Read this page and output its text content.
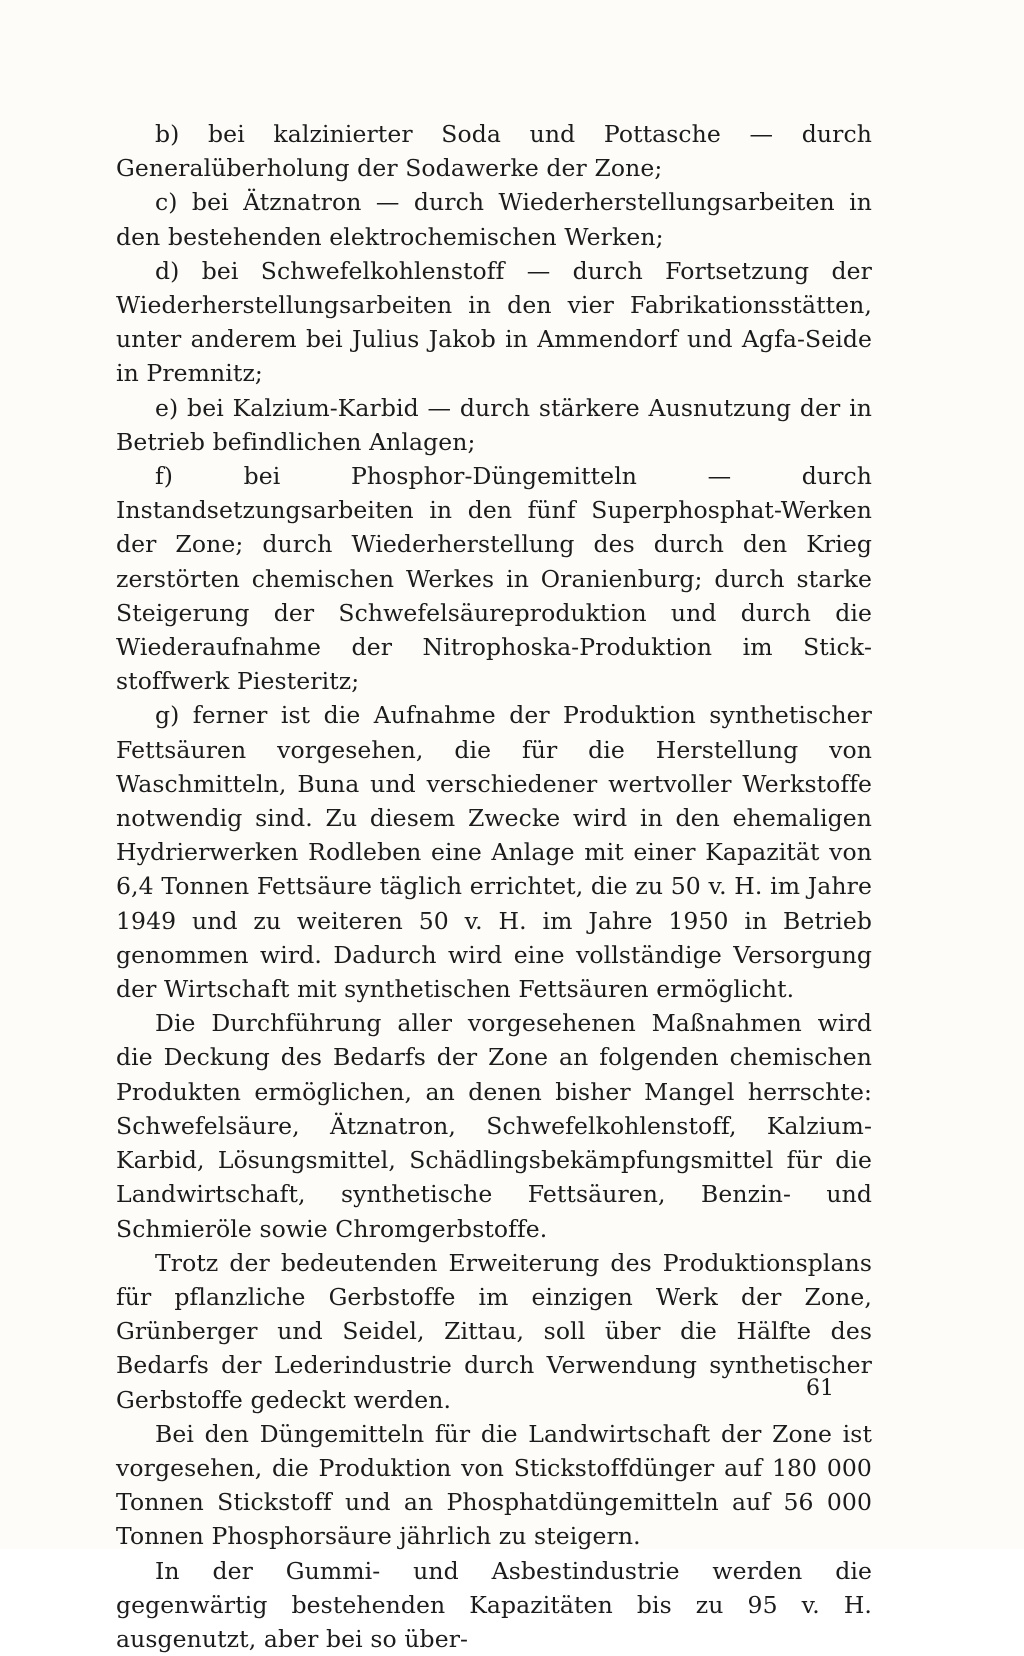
b) bei kalzinierter Soda und Pottasche — durch Generalüberholung der Sodawerke der Zone;

c) bei Ätznatron — durch Wiederherstellungsarbeiten in den bestehenden elektrochemischen Werken;

d) bei Schwefelkohlenstoff — durch Fortsetzung der Wiederherstellungsarbeiten in den vier Fabrikationsstätten, unter anderem bei Julius Jakob in Ammendorf und Agfa-Seide in Premnitz;

e) bei Kalzium-Karbid — durch stärkere Ausnutzung der in Betrieb befindlichen Anlagen;

f) bei Phosphor-Düngemitteln — durch Instandsetzungsarbeiten in den fünf Superphosphat-Werken der Zone; durch Wiederherstellung des durch den Krieg zerstörten chemischen Werkes in Oranienburg; durch starke Steigerung der Schwefelsäureproduktion und durch die Wiederaufnahme der Nitrophoska-Produktion im Stickstoffwerk Piesteritz;

g) ferner ist die Aufnahme der Produktion synthetischer Fettsäuren vorgesehen, die für die Herstellung von Waschmitteln, Buna und verschiedener wertvoller Werkstoffe notwendig sind. Zu diesem Zwecke wird in den ehemaligen Hydrierwerken Rodleben eine Anlage mit einer Kapazität von 6,4 Tonnen Fettsäure täglich errichtet, die zu 50 v. H. im Jahre 1949 und zu weiteren 50 v. H. im Jahre 1950 in Betrieb genommen wird. Dadurch wird eine vollständige Versorgung der Wirtschaft mit synthetischen Fettsäuren ermöglicht.

Die Durchführung aller vorgesehenen Maßnahmen wird die Deckung des Bedarfs der Zone an folgenden chemischen Produkten ermöglichen, an denen bisher Mangel herrschte: Schwefelsäure, Ätznatron, Schwefelkohlenstoff, Kalzium-Karbid, Lösungsmittel, Schädlingsbekämpfungsmittel für die Landwirtschaft, synthetische Fettsäuren, Benzin- und Schmieröle sowie Chromgerbstoffe.

Trotz der bedeutenden Erweiterung des Produktionsplans für pflanzliche Gerbstoffe im einzigen Werk der Zone, Grünberger und Seidel, Zittau, soll über die Hälfte des Bedarfs der Lederindustrie durch Verwendung synthetischer Gerbstoffe gedeckt werden.

Bei den Düngemitteln für die Landwirtschaft der Zone ist vorgesehen, die Produktion von Stickstoffdünger auf 180 000 Tonnen Stickstoff und an Phosphatdüngemitteln auf 56 000 Tonnen Phosphorsäure jährlich zu steigern.

In der Gummi- und Asbestindustrie werden die gegenwärtig bestehenden Kapazitäten bis zu 95 v. H. ausgenutzt, aber bei so über-

61
